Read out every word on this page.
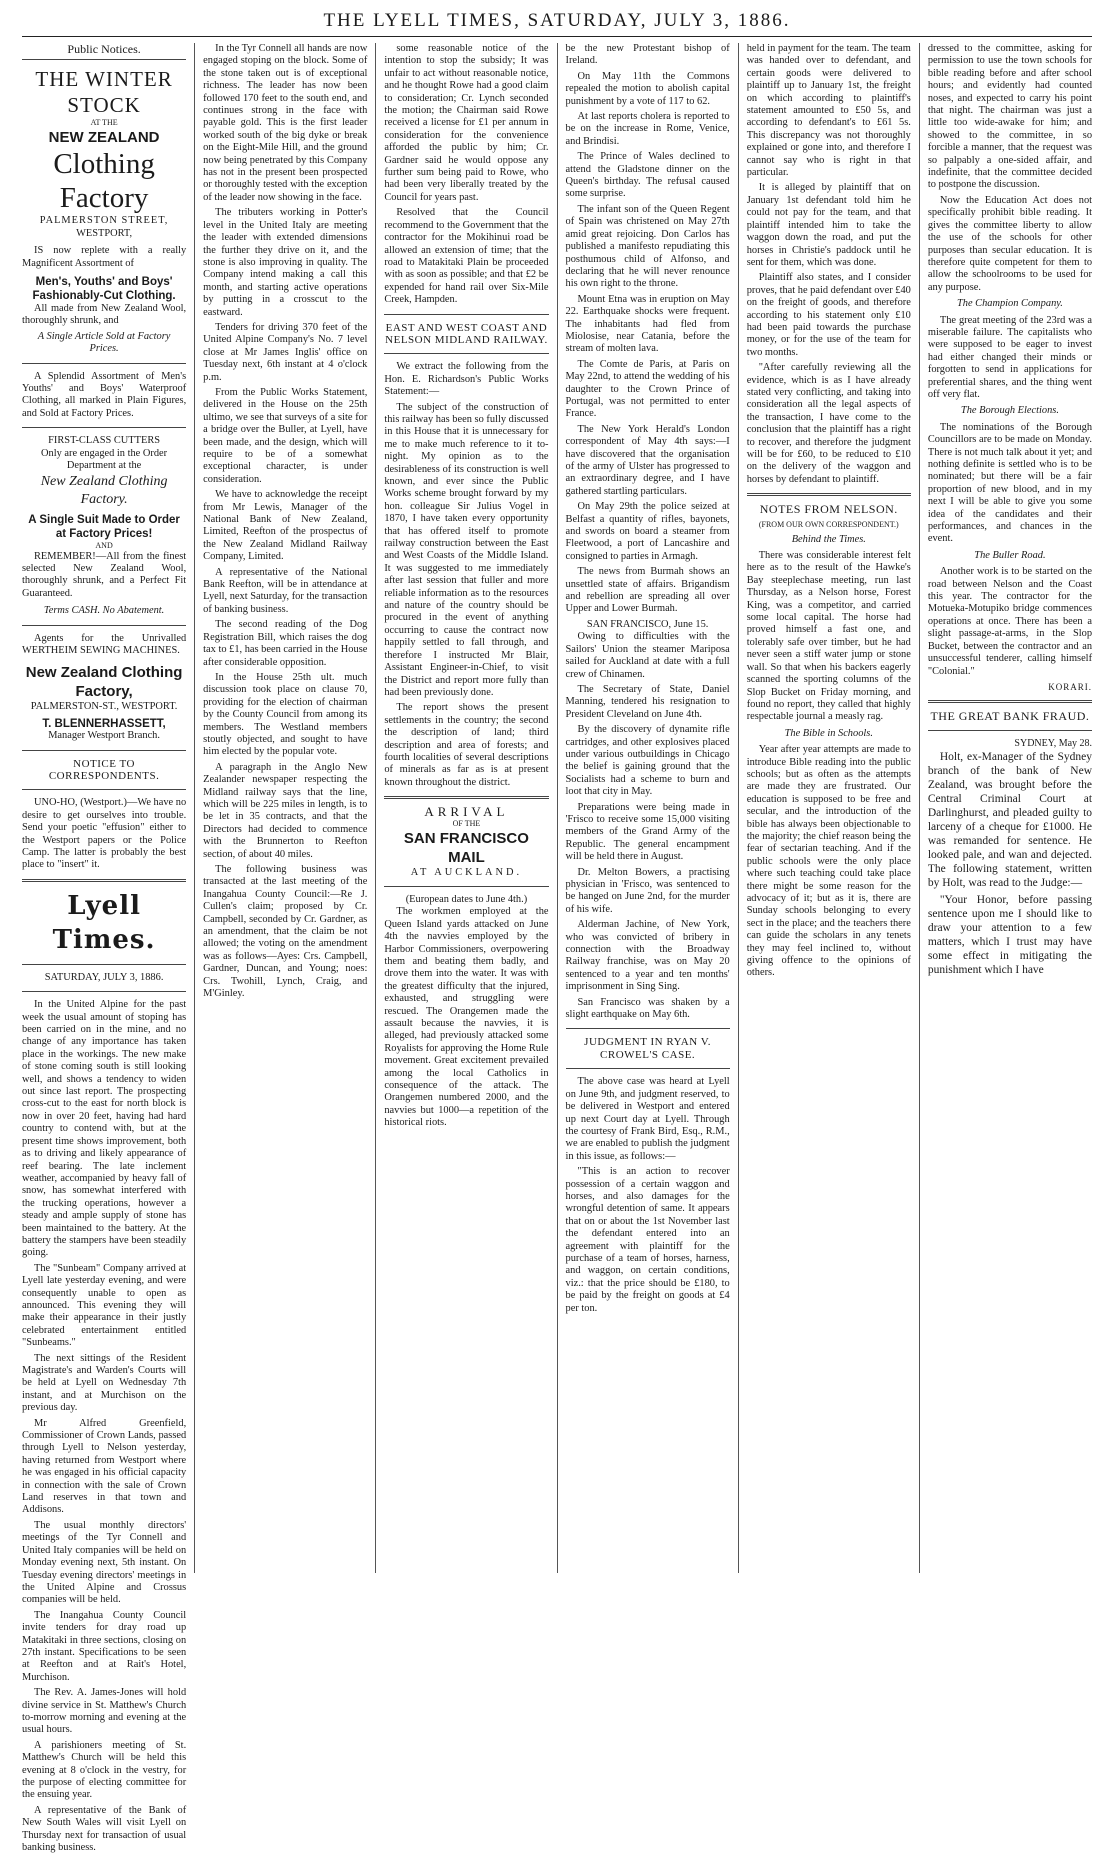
THE LYELL TIMES, SATURDAY, JULY 3, 1886.
Public Notices.
THE WINTER STOCK
AT THE
NEW ZEALAND
Clothing Factory
PALMERSTON STREET,
WESTPORT,

IS now replete with a really Magnificent Assortment of

Men's, Youths' and Boys' Fashionably-Cut Clothing.

All made from New Zealand Wool, thoroughly shrunk, and

A Single Article Sold at Factory Prices.

A Splendid Assortment of Men's Youths' and Boys' Waterproof Clothing, all marked in Plain Figures, and Sold at Factory Prices.

FIRST-CLASS CUTTERS
Only are engaged in the Order Department at the
New Zealand Clothing Factory.
A Single Suit Made to Order at Factory Prices!
AND

REMEMBER!—All from the finest selected New Zealand Wool, thoroughly shrunk, and a Perfect Fit Guaranteed.

Terms CASH. No Abatement.

Agents for the Unrivalled WERTHEIM SEWING MACHINES.

New Zealand Clothing Factory,
PALMERSTON-ST., WESTPORT.
T. BLENNERHASSETT,
Manager Westport Branch.
NOTICE TO CORRESPONDENTS.

UNO-HO, (Westport.)—We have no desire to get ourselves into trouble. Send your poetic "effusion" either to the Westport papers or the Police Camp. The latter is probably the best place to "insert" it.

Lyell Times.
SATURDAY, JULY 3, 1886.

In the United Alpine for the past week the usual amount of stoping has been carried on in the mine, and no change of any importance has taken place in the workings. The new make of stone coming south is still looking well, and shows a tendency to widen out since last report. The prospecting cross-cut to the east for north block is now in over 20 feet, having had hard country to contend with, but at the present time shows improvement, both as to driving and likely appearance of reef bearing. The late inclement weather, accompanied by heavy fall of snow, has somewhat interfered with the trucking operations, however a steady and ample supply of stone has been maintained to the battery. At the battery the stampers have been steadily going.

The "Sunbeam" Company arrived at Lyell late yesterday evening, and were consequently unable to open as announced. This evening they will make their appearance in their justly celebrated entertainment entitled "Sunbeams."

The next sittings of the Resident Magistrate's and Warden's Courts will be held at Lyell on Wednesday 7th instant, and at Murchison on the previous day.

Mr Alfred Greenfield, Commissioner of Crown Lands, passed through Lyell to Nelson yesterday, having returned from Westport where he was engaged in his official capacity in connection with the sale of Crown Land reserves in that town and Addisons.

The usual monthly directors' meetings of the Tyr Connell and United Italy companies will be held on Monday evening next, 5th instant. On Tuesday evening directors' meetings in the United Alpine and Crossus companies will be held.

The Inangahua County Council invite tenders for dray road up Matakitaki in three sections, closing on 27th instant. Specifications to be seen at Reefton and at Rait's Hotel, Murchison.

The Rev. A. James-Jones will hold divine service in St. Matthew's Church to-morrow morning and evening at the usual hours.

A parishioners meeting of St. Matthew's Church will be held this evening at 8 o'clock in the vestry, for the purpose of electing committee for the ensuing year.

A representative of the Bank of New South Wales will visit Lyell on Thursday next for transaction of usual banking business.

In the Tyr Connell all hands are now engaged stoping on the block. Some of the stone taken out is of exceptional richness. The leader has now been followed 170 feet to the south end, and continues strong in the face with payable gold. This is the first leader worked south of the big dyke or break on the Eight-Mile Hill, and the ground now being penetrated by this Company has not in the present been prospected or thoroughly tested with the exception of the leader now showing in the face.

The tributers working in Potter's level in the United Italy are meeting the leader with extended dimensions the further they drive on it, and the stone is also improving in quality. The Company intend making a call this month, and starting active operations by putting in a crosscut to the eastward.

Tenders for driving 370 feet of the United Alpine Company's No. 7 level close at Mr James Inglis' office on Tuesday next, 6th instant at 4 o'clock p.m.

From the Public Works Statement, delivered in the House on the 25th ultimo, we see that surveys of a site for a bridge over the Buller, at Lyell, have been made, and the design, which will require to be of a somewhat exceptional character, is under consideration.

We have to acknowledge the receipt from Mr Lewis, Manager of the National Bank of New Zealand, Limited, Reefton of the prospectus of the New Zealand Midland Railway Company, Limited.

A representative of the National Bank Reefton, will be in attendance at Lyell, next Saturday, for the transaction of banking business.

The second reading of the Dog Registration Bill, which raises the dog tax to £1, has been carried in the House after considerable opposition.

In the House 25th ult. much discussion took place on clause 70, providing for the election of chairman by the County Council from among its members. The Westland members stoutly objected, and sought to have him elected by the popular vote.

A paragraph in the Anglo New Zealander newspaper respecting the Midland railway says that the line, which will be 225 miles in length, is to be let in 35 contracts, and that the Directors had decided to commence with the Brunnerton to Reefton section, of about 40 miles.

The following business was transacted at the last meeting of the Inangahua County Council:—Re J. Cullen's claim; proposed by Cr. Campbell, seconded by Cr. Gardner, as an amendment, that the claim be not allowed; the voting on the amendment was as follows—Ayes: Crs. Campbell, Gardner, Duncan, and Young; noes: Crs. Twohill, Lynch, Craig, and M'Ginley.

some reasonable notice of the intention to stop the subsidy; It was unfair to act without reasonable notice, and he thought Rowe had a good claim to consideration; Cr. Lynch seconded the motion; the Chairman said Rowe received a license for £1 per annum in consideration for the convenience afforded the public by him; Cr. Gardner said he would oppose any further sum being paid to Rowe, who had been very liberally treated by the Council for years past.

Resolved that the Council recommend to the Government that the contractor for the Mokihinui road be allowed an extension of time; that the road to Matakitaki Plain be proceeded with as soon as possible; and that £2 be expended for hand rail over Six-Mile Creek, Hampden.

EAST AND WEST COAST AND NELSON MIDLAND RAILWAY.

We extract the following from the Hon. E. Richardson's Public Works Statement:—

The subject of the construction of this railway has been so fully discussed in this House that it is unnecessary for me to make much reference to it to-night. My opinion as to the desirableness of its construction is well known, and ever since the Public Works scheme brought forward by my hon. colleague Sir Julius Vogel in 1870, I have taken every opportunity that has offered itself to promote railway construction between the East and West Coasts of the Middle Island. It was suggested to me immediately after last session that fuller and more reliable information as to the resources and nature of the country should be procured in the event of anything occurring to cause the contract now happily settled to fall through, and therefore I instructed Mr Blair, Assistant Engineer-in-Chief, to visit the District and report more fully than had been previously done.

The report shows the present settlements in the country; the second the description of land; third description and area of forests; and fourth localities of several descriptions of minerals as far as is at present known throughout the district.

ARRIVAL
OF THE
SAN FRANCISCO MAIL
AT AUCKLAND.
(European dates to June 4th.)

The workmen employed at the Queen Island yards attacked on June 4th the navvies employed by the Harbor Commissioners, overpowering them and beating them badly, and drove them into the water. It was with the greatest difficulty that the injured, exhausted, and struggling were rescued. The Orangemen made the assault because the navvies, it is alleged, had previously attacked some Royalists for approving the Home Rule movement. Great excitement prevailed among the local Catholics in consequence of the attack. The Orangemen numbered 2000, and the navvies but 1000—a repetition of the historical riots.

be the new Protestant bishop of Ireland.

On May 11th the Commons repealed the motion to abolish capital punishment by a vote of 117 to 62.

At last reports cholera is reported to be on the increase in Rome, Venice, and Brindisi.

The Prince of Wales declined to attend the Gladstone dinner on the Queen's birthday. The refusal caused some surprise.

The infant son of the Queen Regent of Spain was christened on May 27th amid great rejoicing. Don Carlos has published a manifesto repudiating this posthumous child of Alfonso, and declaring that he will never renounce his own right to the throne.

Mount Etna was in eruption on May 22. Earthquake shocks were frequent. The inhabitants had fled from Miolosise, near Catania, before the stream of molten lava.

The Comte de Paris, at Paris on May 22nd, to attend the wedding of his daughter to the Crown Prince of Portugal, was not permitted to enter France.

The New York Herald's London correspondent of May 4th says:—I have discovered that the organisation of the army of Ulster has progressed to an extraordinary degree, and I have gathered startling particulars.

On May 29th the police seized at Belfast a quantity of rifles, bayonets, and swords on board a steamer from Fleetwood, a port of Lancashire and consigned to parties in Armagh.

The news from Burmah shows an unsettled state of affairs. Brigandism and rebellion are spreading all over Upper and Lower Burmah.

SAN FRANCISCO, June 15.

Owing to difficulties with the Sailors' Union the steamer Mariposa sailed for Auckland at date with a full crew of Chinamen.

The Secretary of State, Daniel Manning, tendered his resignation to President Cleveland on June 4th.

By the discovery of dynamite rifle cartridges, and other explosives placed under various outbuildings in Chicago the belief is gaining ground that the Socialists had a scheme to burn and loot that city in May.

Preparations were being made in 'Frisco to receive some 15,000 visiting members of the Grand Army of the Republic. The general encampment will be held there in August.

Dr. Melton Bowers, a practising physician in 'Frisco, was sentenced to be hanged on June 2nd, for the murder of his wife.

Alderman Jachine, of New York, who was convicted of bribery in connection with the Broadway Railway franchise, was on May 20 sentenced to a year and ten months' imprisonment in Sing Sing.

San Francisco was shaken by a slight earthquake on May 6th.

JUDGMENT IN RYAN V. CROWEL'S CASE.

The above case was heard at Lyell on June 9th, and judgment reserved, to be delivered in Westport and entered up next Court day at Lyell. Through the courtesy of Frank Bird, Esq., R.M., we are enabled to publish the judgment in this issue, as follows:—

"This is an action to recover possession of a certain waggon and horses, and also damages for the wrongful detention of same. It appears that on or about the 1st November last the defendant entered into an agreement with plaintiff for the purchase of a team of horses, harness, and waggon, on certain conditions, viz.: that the price should be £180, to be paid by the freight on goods at £4 per ton.

held in payment for the team. The team was handed over to defendant, and certain goods were delivered to plaintiff up to January 1st, the freight on which according to plaintiff's statement amounted to £50 5s, and according to defendant's to £61 5s. This discrepancy was not thoroughly explained or gone into, and therefore I cannot say who is right in that particular.

It is alleged by plaintiff that on January 1st defendant told him he could not pay for the team, and that plaintiff intended him to take the waggon down the road, and put the horses in Christie's paddock until he sent for them, which was done.

Plaintiff also states, and I consider proves, that he paid defendant over £40 on the freight of goods, and therefore according to his statement only £10 had been paid towards the purchase money, or for the use of the team for two months.

"After carefully reviewing all the evidence, which is as I have already stated very conflicting, and taking into consideration all the legal aspects of the transaction, I have come to the conclusion that the plaintiff has a right to recover, and therefore the judgment will be for £60, to be reduced to £10 on the delivery of the waggon and horses by defendant to plaintiff.

NOTES FROM NELSON.
(FROM OUR OWN CORRESPONDENT.)
Behind the Times.

There was considerable interest felt here as to the result of the Hawke's Bay steeplechase meeting, run last Thursday, as a Nelson horse, Forest King, was a competitor, and carried some local capital. The horse had proved himself a fast one, and tolerably safe over timber, but he had never seen a stiff water jump or stone wall. So that when his backers eagerly scanned the sporting columns of the Slop Bucket on Friday morning, and found no report, they called that highly respectable journal a measly rag.

The Bible in Schools.

Year after year attempts are made to introduce Bible reading into the public schools; but as often as the attempts are made they are frustrated. Our education is supposed to be free and secular, and the introduction of the bible has always been objectionable to the majority; the chief reason being the fear of sectarian teaching. And if the public schools were the only place where such teaching could take place there might be some reason for the advocacy of it; but as it is, there are Sunday schools belonging to every sect in the place; and the teachers there can guide the scholars in any tenets they may feel inclined to, without giving offence to the opinions of others.

dressed to the committee, asking for permission to use the town schools for bible reading before and after school hours; and evidently had counted noses, and expected to carry his point that night. The chairman was just a little too wide-awake for him; and showed to the committee, in so forcible a manner, that the request was so palpably a one-sided affair, and indefinite, that the committee decided to postpone the discussion.

Now the Education Act does not specifically prohibit bible reading. It gives the committee liberty to allow the use of the schools for other purposes than secular education. It is therefore quite competent for them to allow the schoolrooms to be used for any purpose.

The Champion Company.

The great meeting of the 23rd was a miserable failure. The capitalists who were supposed to be eager to invest had either changed their minds or forgotten to send in applications for preferential shares, and the thing went off very flat.

The Borough Elections.

The nominations of the Borough Councillors are to be made on Monday. There is not much talk about it yet; and nothing definite is settled who is to be nominated; but there will be a fair proportion of new blood, and in my next I will be able to give you some idea of the candidates and their performances, and chances in the event.

The Buller Road.

Another work is to be started on the road between Nelson and the Coast this year. The contractor for the Motueka-Motupiko bridge commences operations at once. There has been a slight passage-at-arms, in the Slop Bucket, between the contractor and an unsuccessful tenderer, calling himself "Colonial."

KORARI.
THE GREAT BANK FRAUD.
SYDNEY, May 28.

Holt, ex-Manager of the Sydney branch of the bank of New Zealand, was brought before the Central Criminal Court at Darlinghurst, and pleaded guilty to larceny of a cheque for £1000. He was remanded for sentence. He looked pale, and wan and dejected. The following statement, written by Holt, was read to the Judge:—

"Your Honor, before passing sentence upon me I should like to draw your attention to a few matters, which I trust may have some effect in mitigating the punishment which I have
